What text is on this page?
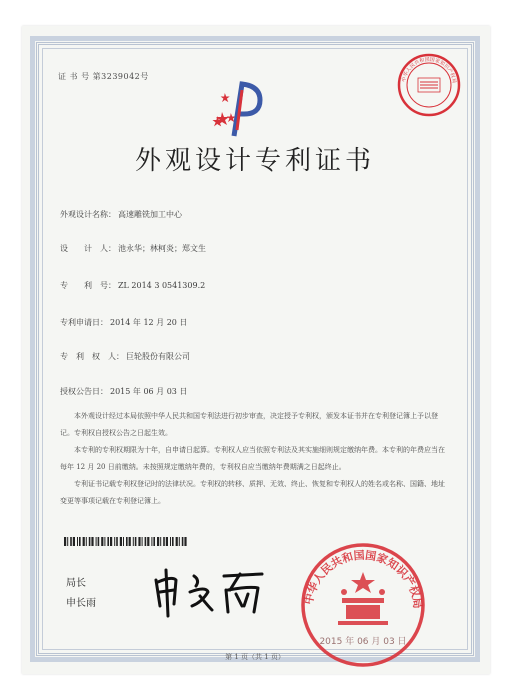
证 书 号 第3239042号
外观设计专利证书
中华人民共和国国家知识产权局
外观设计名称： 高速雕铣加工中心
设　　计　人： 池永华；林柯炎；郑文生
专　　利　号： ZL 2014 3 0541309.2
专利申请日： 2014 年 12 月 20 日
专　利　权　人： 巨轮股份有限公司
授权公告日： 2015 年 06 月 03 日

本外观设计经过本局依照中华人民共和国专利法进行初步审查，决定授予专利权，颁发本证书并在专利登记簿上予以登记。专利权自授权公告之日起生效。

本专利的专利权期限为十年，自申请日起算。专利权人应当依照专利法及其实施细则规定缴纳年费。本专利的年费应当在每年 12 月 20 日前缴纳。未按照规定缴纳年费的，专利权自应当缴纳年费期满之日起终止。

专利证书记载专利权登记时的法律状况。专利权的转移、质押、无效、终止、恢复和专利权人的姓名或名称、国籍、地址变更等事项记载在专利登记簿上。

局长
申长雨	中华人民共和国国家知识产权局
2015 年 06 月 03 日
第 1 页（共 1 页）
